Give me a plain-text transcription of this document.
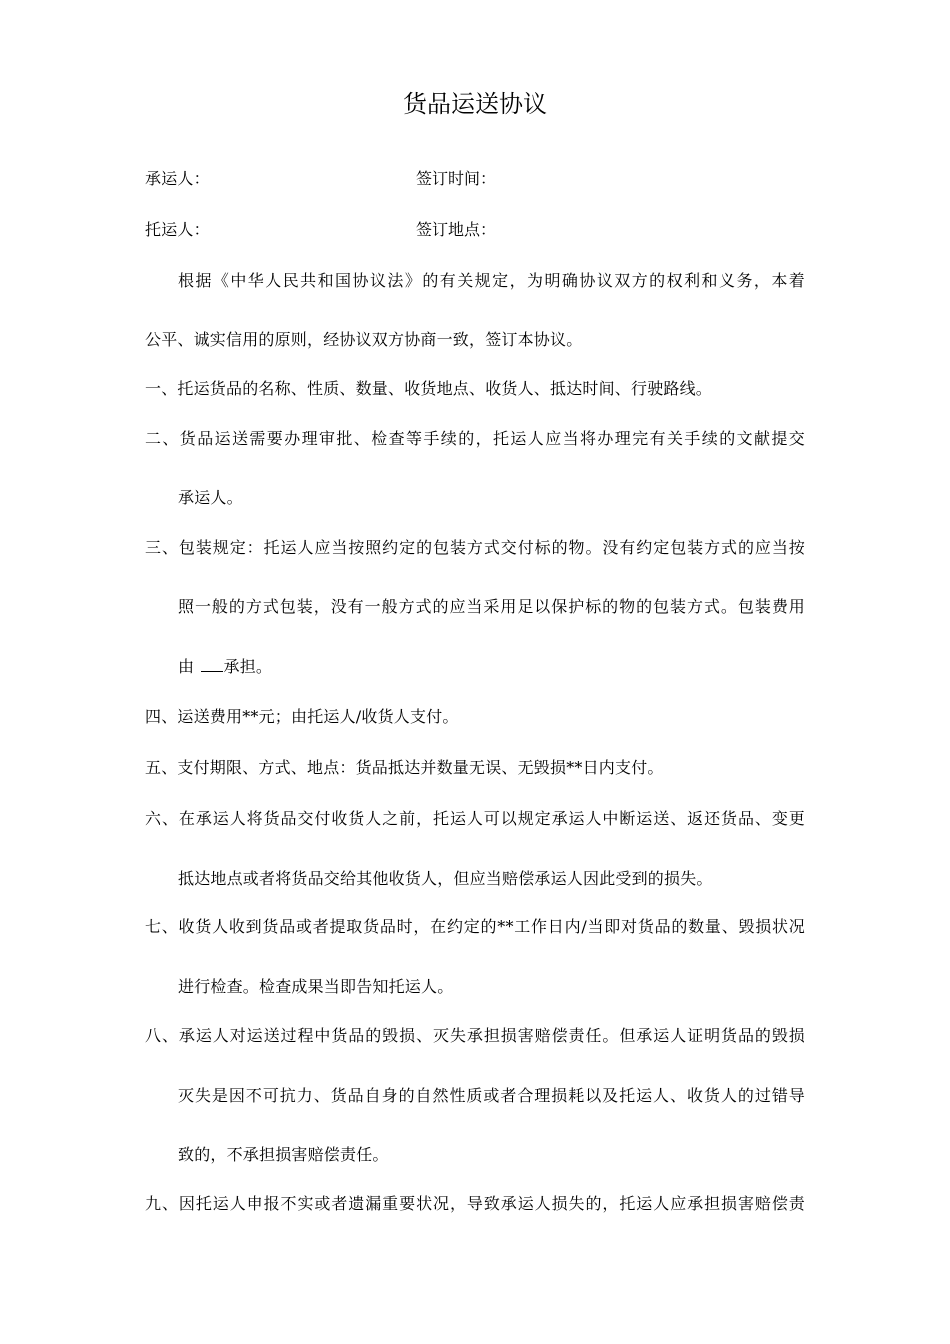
货品运送协议
承运人：	签订时间：
托运人：	签订地点：
根据《中华人民共和国协议法》的有关规定，为明确协议双方的权利和义务，本着
公平、诚实信用的原则，经协议双方协商一致，签订本协议。
一、托运货品的名称、性质、数量、收货地点、收货人、抵达时间、行驶路线。
二、货品运送需要办理审批、检查等手续的，托运人应当将办理完有关手续的文献提交
承运人。
三、包装规定：托运人应当按照约定的包装方式交付标的物。没有约定包装方式的应当按
照一般的方式包装，没有一般方式的应当采用足以保护标的物的包装方式。包装费用
由 承担。
四、运送费用**元；由托运人/收货人支付。
五、支付期限、方式、地点：货品抵达并数量无误、无毁损**日内支付。
六、在承运人将货品交付收货人之前，托运人可以规定承运人中断运送、返还货品、变更
抵达地点或者将货品交给其他收货人，但应当赔偿承运人因此受到的损失。
七、收货人收到货品或者提取货品时，在约定的**工作日内/当即对货品的数量、毁损状况
进行检查。检查成果当即告知托运人。
八、承运人对运送过程中货品的毁损、灭失承担损害赔偿责任。但承运人证明货品的毁损
灭失是因不可抗力、货品自身的自然性质或者合理损耗以及托运人、收货人的过错导
致的，不承担损害赔偿责任。
九、因托运人申报不实或者遗漏重要状况，导致承运人损失的，托运人应承担损害赔偿责
